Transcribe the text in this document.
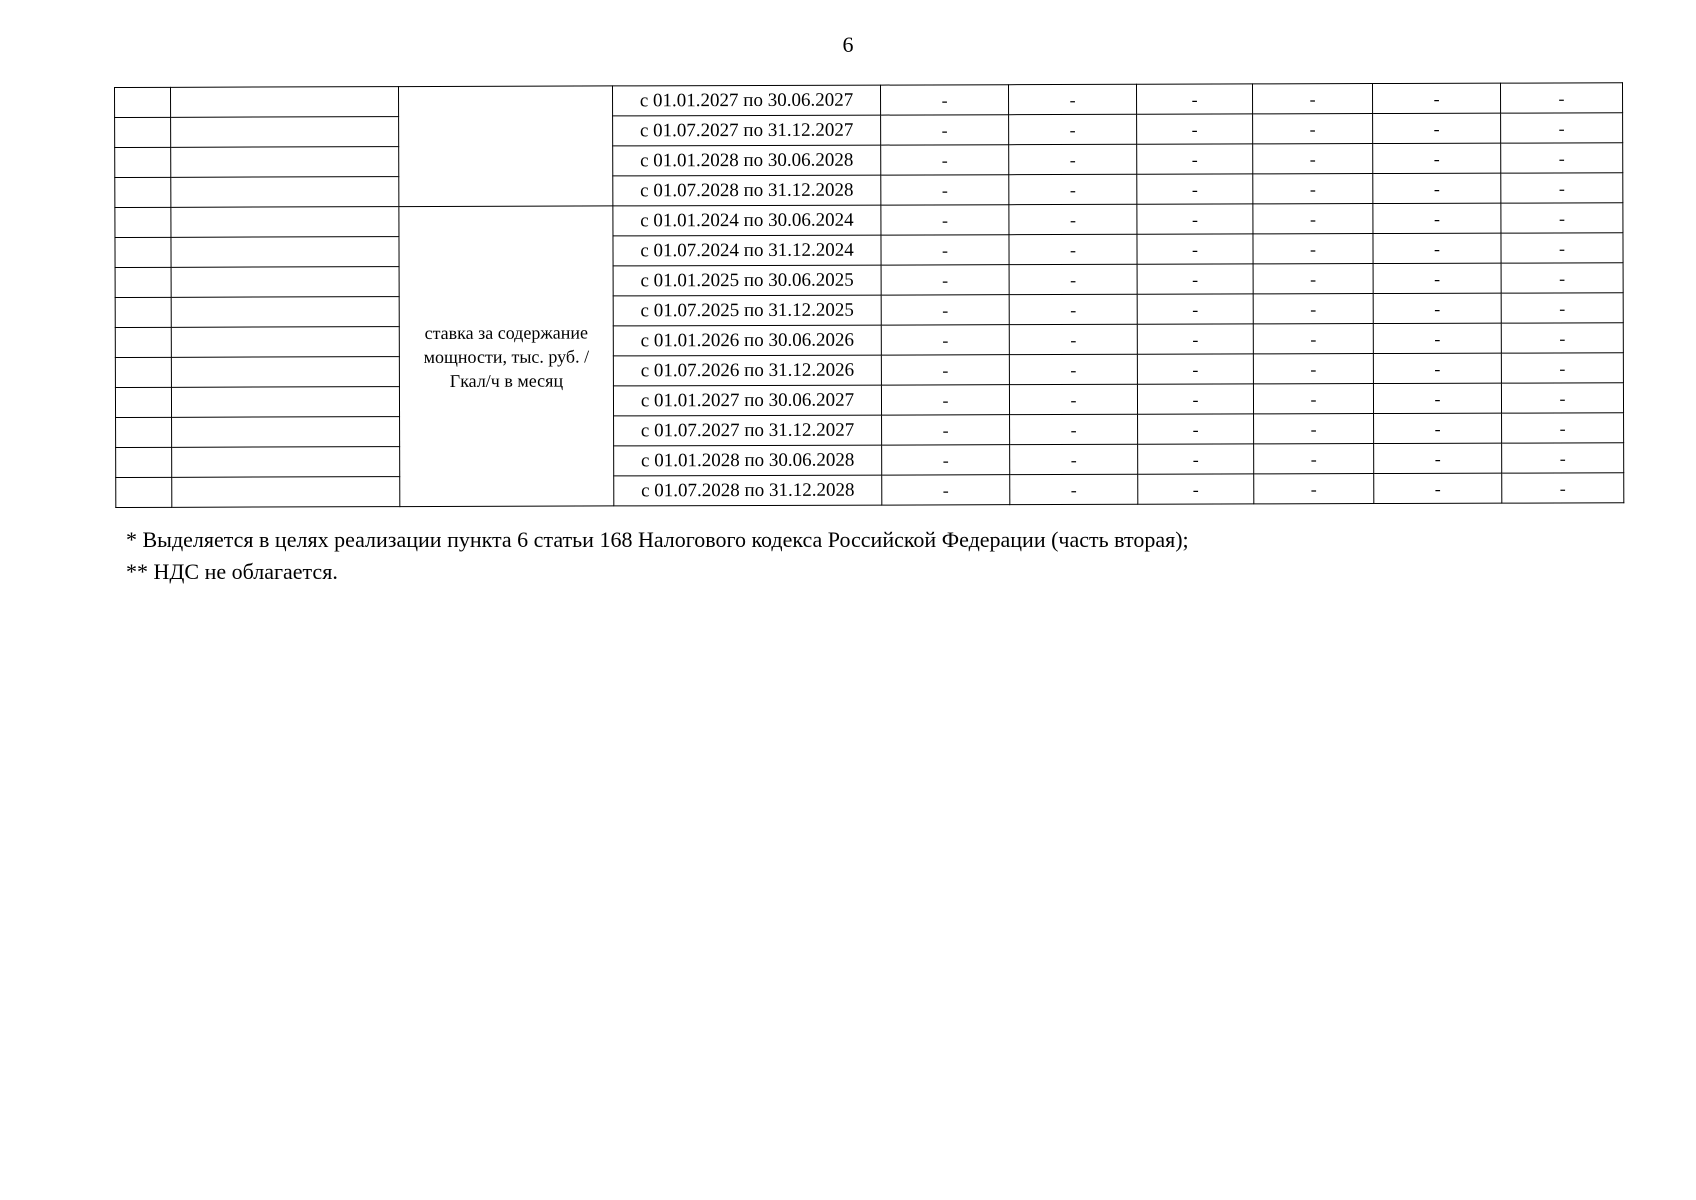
6
			с 01.01.2027 по 30.06.2027	-	-	-	-	-	-
			с 01.07.2027 по 31.12.2027	-	-	-	-	-	-
			с 01.01.2028 по 30.06.2028	-	-	-	-	-	-
			с 01.07.2028 по 31.12.2028	-	-	-	-	-	-
		ставка за содержание мощности, тыс. руб. /Гкал/ч в месяц	с 01.01.2024 по 30.06.2024	-	-	-	-	-	-
			с 01.07.2024 по 31.12.2024	-	-	-	-	-	-
			с 01.01.2025 по 30.06.2025	-	-	-	-	-	-
			с 01.07.2025 по 31.12.2025	-	-	-	-	-	-
			с 01.01.2026 по 30.06.2026	-	-	-	-	-	-
			с 01.07.2026 по 31.12.2026	-	-	-	-	-	-
			с 01.01.2027 по 30.06.2027	-	-	-	-	-	-
			с 01.07.2027 по 31.12.2027	-	-	-	-	-	-
			с 01.01.2028 по 30.06.2028	-	-	-	-	-	-
			с 01.07.2028 по 31.12.2028	-	-	-	-	-	-

* Выделяется в целях реализации пункта 6 статьи 168 Налогового кодекса Российской Федерации (часть вторая);

** НДС не облагается.
